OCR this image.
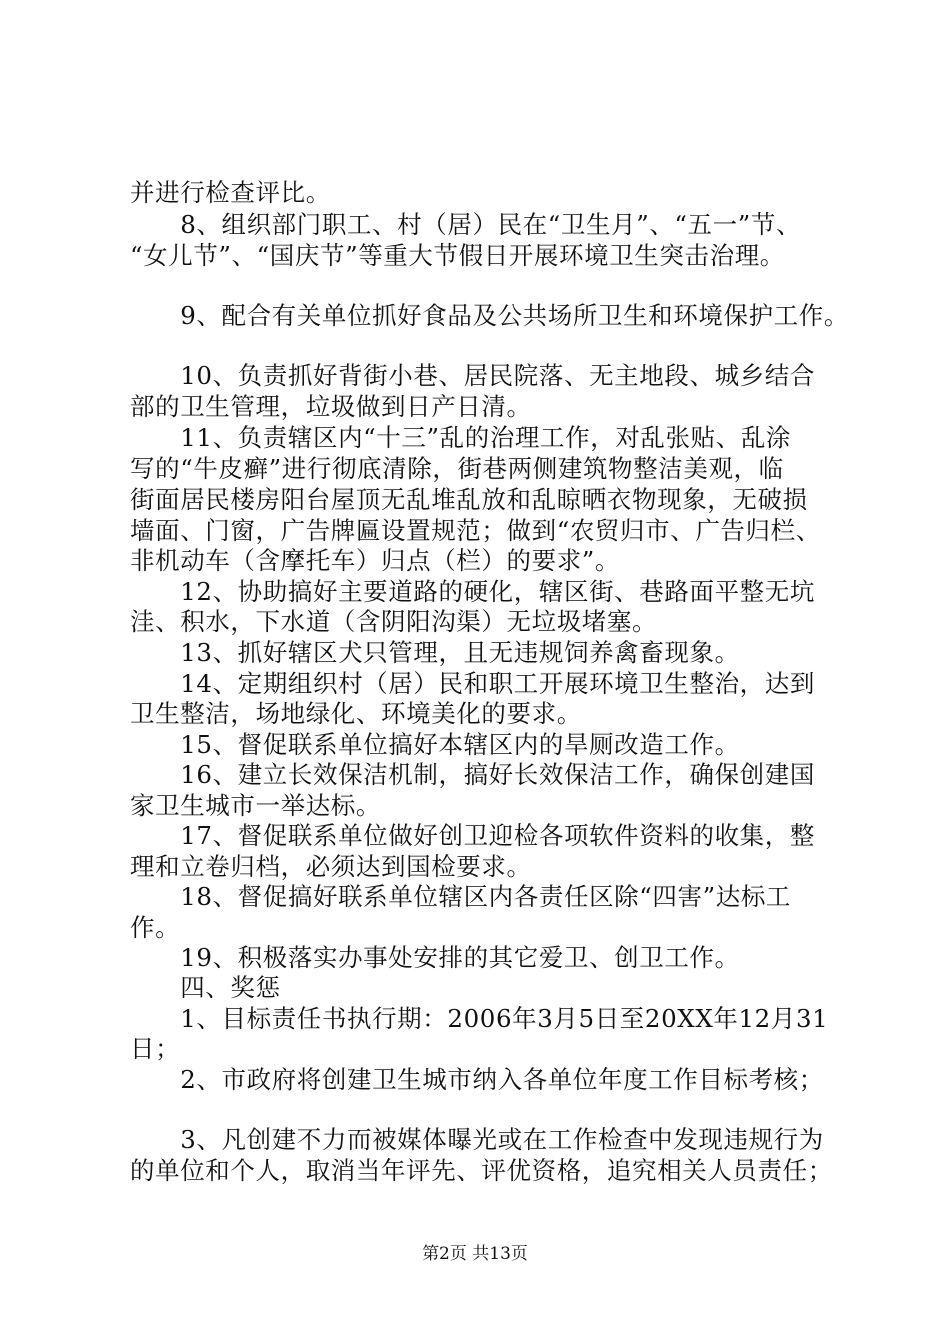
并进行检查评比。
　　8、组织部门职工、村（居）民在“卫生月”、“五一”节、
“女儿节”、“国庆节”等重大节假日开展环境卫生突击治理。
　　9、配合有关单位抓好食品及公共场所卫生和环境保护工作。
　　10、负责抓好背街小巷、居民院落、无主地段、城乡结合
部的卫生管理，垃圾做到日产日清。
　　11、负责辖区内“十三”乱的治理工作，对乱张贴、乱涂
写的“牛皮癣”进行彻底清除，街巷两侧建筑物整洁美观，临
街面居民楼房阳台屋顶无乱堆乱放和乱晾晒衣物现象，无破损
墙面、门窗，广告牌匾设置规范；做到“农贸归市、广告归栏、
非机动车（含摩托车）归点（栏）的要求”。
　　12、协助搞好主要道路的硬化，辖区街、巷路面平整无坑
洼、积水，下水道（含阴阳沟渠）无垃圾堵塞。
　　13、抓好辖区犬只管理，且无违规饲养禽畜现象。
　　14、定期组织村（居）民和职工开展环境卫生整治，达到
卫生整洁，场地绿化、环境美化的要求。
　　15、督促联系单位搞好本辖区内的旱厕改造工作。
　　16、建立长效保洁机制，搞好长效保洁工作，确保创建国
家卫生城市一举达标。
　　17、督促联系单位做好创卫迎检各项软件资料的收集，整
理和立卷归档，必须达到国检要求。
　　18、督促搞好联系单位辖区内各责任区除“四害”达标工
作。
　　19、积极落实办事处安排的其它爱卫、创卫工作。
　　四、奖惩
　　1、目标责任书执行期：2006年3月5日至20XX年12月31
日；
　　2、市政府将创建卫生城市纳入各单位年度工作目标考核；
　　3、凡创建不力而被媒体曝光或在工作检查中发现违规行为
的单位和个人，取消当年评先、评优资格，追究相关人员责任；
第2页 共13页
